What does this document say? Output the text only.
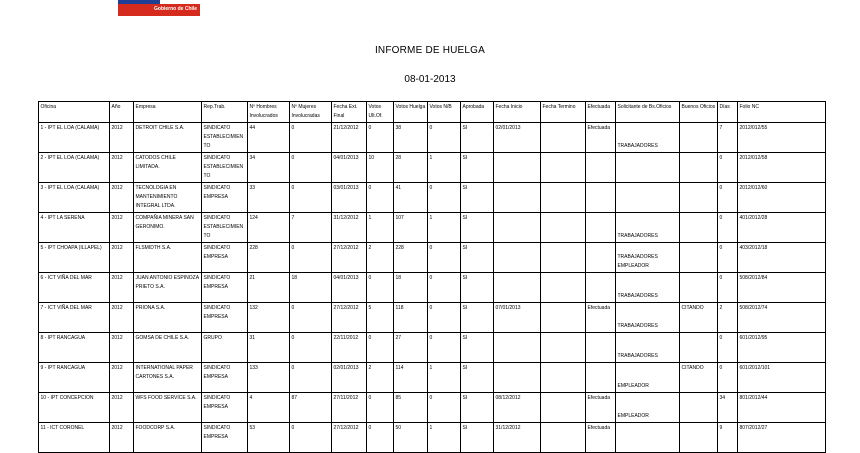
Gobierno de Chile
INFORME DE HUELGA
08-01-2013
Oficina	Año	Empresa	Rep.Trab.	Nº Hombres Involucrados	Nº Mujeres Involucradas	Fecha Ext. Final	Votos Ult.Of.	Votos Huelga	Votos N/B	Aprobada	Fecha Inicio	Fecha Termino	Efectuada	Solicitante de Bs.Oficios	Buenos Oficios	Días	Folio NC
1 - IPT EL LOA (CALAMA)	2012	DETROIT CHILE S.A.	SINDICATO ESTABLECIMIENTO	44	0	21/12/2012	0	38	0	SI	02/01/2013		Efectuada	TRABAJADORES		7	2012/012/55
2 - IPT EL LOA (CALAMA)	2012	CATODOS CHILE LIMITADA.	SINDICATO ESTABLECIMIENTO	34	0	04/01/2013	10	28	1	SI						0	2012/012/58
3 - IPT EL LOA (CALAMA)	2012	TECNOLOGIA EN MANTENIMIENTO INTEGRAL LTDA.	SINDICATO EMPRESA	33	0	03/01/2013	0	41	0	SI						0	2012/012/60
4 - IPT LA SERENA	2012	COMPAÑIA MINERA SAN GERONIMO.	SINDICATO ESTABLECIMIENTO	124	7	31/12/2012	1	107	1	SI				TRABAJADORES		0	401/2012/28
5 - IPT CHOAPA (ILLAPEL)	2012	FLSMIDTH S.A.	SINDICATO EMPRESA	228	0	27/12/2012	2	228	0	SI				TRABAJADORES EMPLEADOR		0	403/2012/18
6 - ICT VIÑA DEL MAR	2012	JUAN ANTONIO ESPINOZA PRIETO S.A.	SINDICATO EMPRESA	21	18	04/01/2013	0	18	0	SI				TRABAJADORES		0	508/2012/84
7 - ICT VIÑA DEL MAR	2012	PRIONA S.A.	SINDICATO EMPRESA	132	0	27/12/2012	5	118	0	SI	07/01/2013		Efectuada	TRABAJADORES	CITANDO	2	508/2012/74
8 - IPT RANCAGUA	2012	GOMSA DE CHILE S.A.	GRUPO	31	0	22/11/2012	0	27	0	SI				TRABAJADORES		0	601/2012/95
9 - IPT RANCAGUA	2012	INTERNATIONAL PAPER CARTONES S.A.	SINDICATO EMPRESA	133	0	02/01/2013	2	114	1	SI				EMPLEADOR	CITANDO	0	601/2012/101
10 - IPT CONCEPCION	2012	WFS FOOD SERVICE S.A.	SINDICATO EMPRESA	4	87	27/11/2012	0	85	0	SI	08/12/2012		Efectuada	EMPLEADOR		34	801/2012/44
11 - ICT CORONEL	2012	FOODCORP S.A.	SINDICATO EMPRESA	53	0	27/12/2012	0	50	1	SI	31/12/2012		Efectuada			9	807/2012/27
